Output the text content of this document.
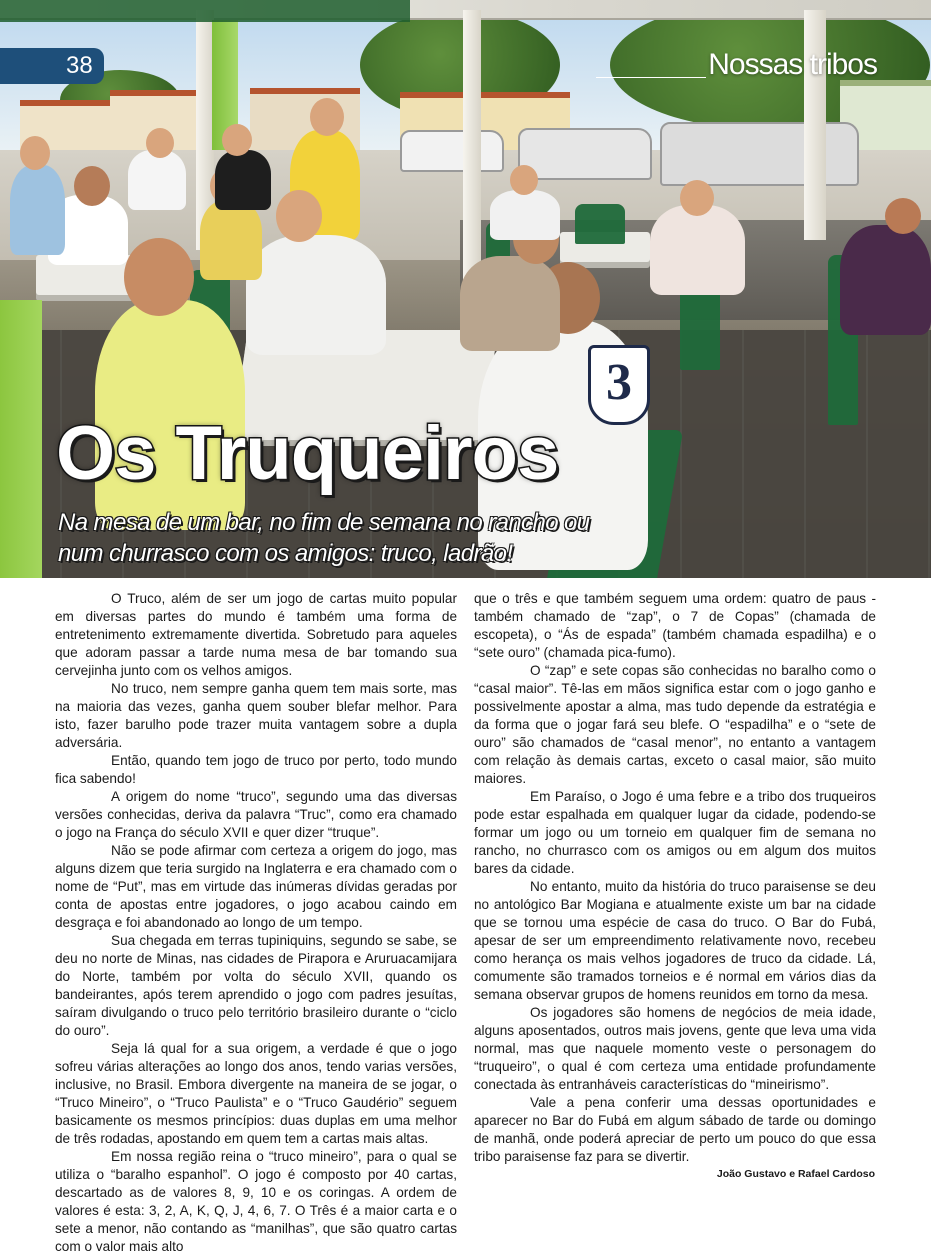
3
38	Nossas tribos
Os Truqueiros
Na mesa de um bar, no fim de semana no rancho ou
num churrasco com os amigos: truco, ladrão!

O Truco, além de ser um jogo de cartas muito popular em diversas partes do mundo é também uma forma de entretenimento extremamente divertida. Sobretudo para aqueles que adoram passar a tarde numa mesa de bar tomando sua cervejinha junto com os velhos amigos.

No truco, nem sempre ganha quem tem mais sorte, mas na maioria das vezes, ganha quem souber blefar melhor. Para isto, fazer barulho pode trazer muita vantagem sobre a dupla adversária.

Então, quando tem jogo de truco por perto, todo mundo fica sabendo!

A origem do nome “truco”, segundo uma das diversas versões conhecidas, deriva da palavra “Truc”, como era chamado o jogo na França do século XVII e quer dizer “truque”.

Não se pode afirmar com certeza a origem do jogo, mas alguns dizem que teria surgido na Inglaterra e era chamado com o nome de “Put”, mas em virtude das inúmeras dívidas geradas por conta de apostas entre jogadores, o jogo acabou caindo em desgraça e foi abandonado ao longo de um tempo.

Sua chegada em terras tupiniquins, segundo se sabe, se deu no norte de Minas, nas cidades de Pirapora e Aruruacamijara do Norte, também por volta do século XVII, quando os bandeirantes, após terem aprendido o jogo com padres jesuítas, saíram divulgando o truco pelo território brasileiro durante o “ciclo do ouro”.

Seja lá qual for a sua origem, a verdade é que o jogo sofreu várias alterações ao longo dos anos, tendo varias versões, inclusive, no Brasil. Embora divergente na maneira de se jogar, o “Truco Mineiro”, o “Truco Paulista” e o “Truco Gaudério” seguem basicamente os mesmos princípios: duas duplas em uma melhor de três rodadas, apostando em quem tem a cartas mais altas.

Em nossa região reina o “truco mineiro”, para o qual se utiliza o “baralho espanhol”. O jogo é composto por 40 cartas, descartado as de valores 8, 9, 10 e os coringas. A ordem de valores é esta: 3, 2, A, K, Q, J, 4, 6, 7. O Três é a maior carta e o sete a menor, não contando as “manilhas”, que são quatro cartas com o valor mais alto

que o três e que também seguem uma ordem: quatro de paus - também chamado de “zap”, o 7 de Copas” (chamada de escopeta), o “Ás de espada” (também chamada espadilha) e o “sete ouro” (chamada pica-fumo).

O “zap” e sete copas são conhecidas no baralho como o “casal maior”. Tê-las em mãos significa estar com o jogo ganho e possivelmente apostar a alma, mas tudo depende da estratégia e da forma que o jogar fará seu blefe. O “espadilha” e o “sete de ouro” são chamados de “casal menor”, no entanto a vantagem com relação às demais cartas, exceto o casal maior, são muito maiores.

Em Paraíso, o Jogo é uma febre e a tribo dos truqueiros pode estar espalhada em qualquer lugar da cidade, podendo-se formar um jogo ou um torneio em qualquer fim de semana no rancho, no churrasco com os amigos ou em algum dos muitos bares da cidade.

No entanto, muito da história do truco paraisense se deu no antológico Bar Mogiana e atualmente existe um bar na cidade que se tornou uma espécie de casa do truco. O Bar do Fubá, apesar de ser um empreendimento relativamente novo, recebeu como herança os mais velhos jogadores de truco da cidade. Lá, comumente são tramados torneios e é normal em vários dias da semana observar grupos de homens reunidos em torno da mesa.

Os jogadores são homens de negócios de meia idade, alguns aposentados, outros mais jovens, gente que leva uma vida normal, mas que naquele momento veste o personagem do “truqueiro”, o qual é com certeza uma entidade profundamente conectada às entranháveis características do “mineirismo”.

Vale a pena conferir uma dessas oportunidades e aparecer no Bar do Fubá em algum sábado de tarde ou domingo de manhã, onde poderá apreciar de perto um pouco do que essa tribo paraisense faz para se divertir.

João Gustavo e Rafael Cardoso
